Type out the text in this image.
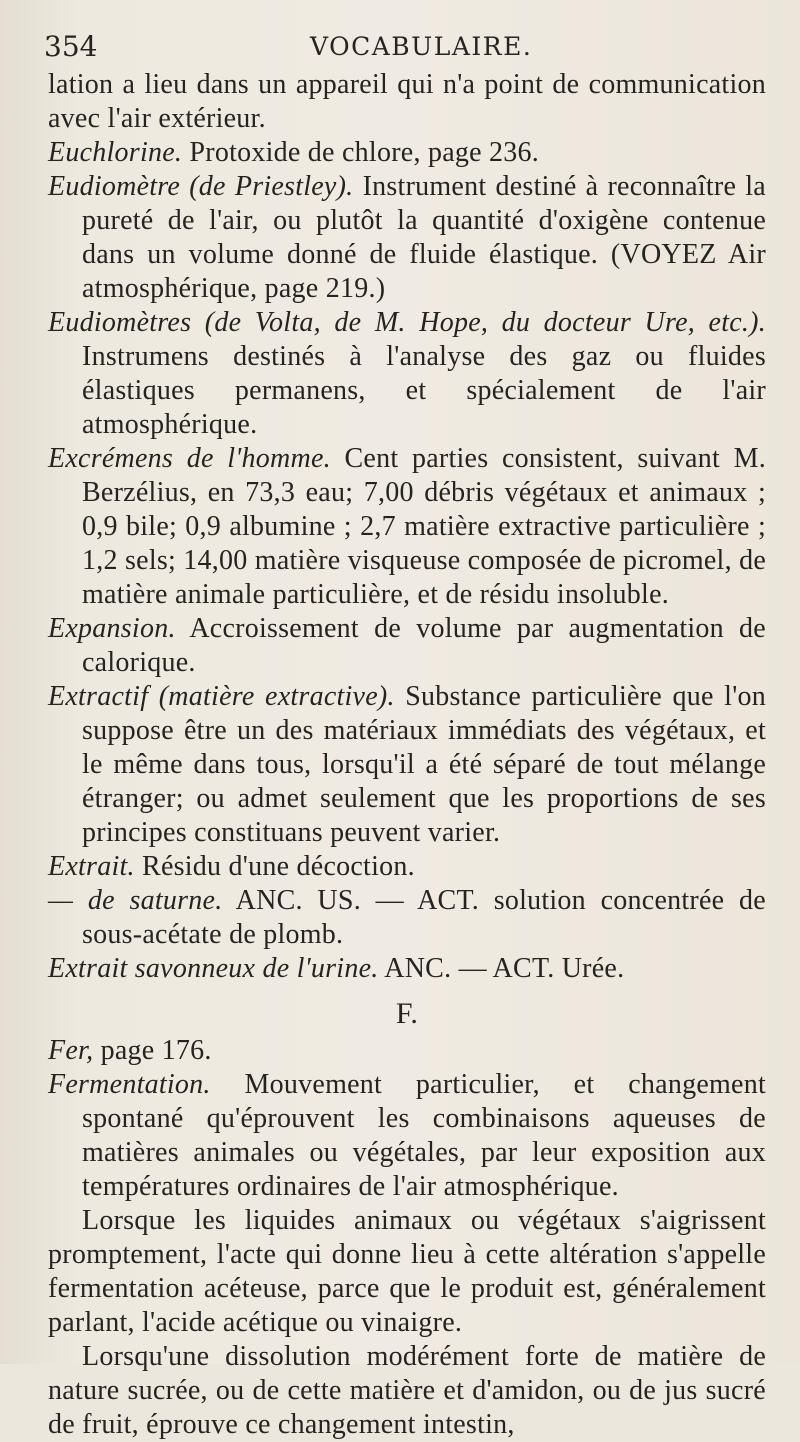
354	VOCABULAIRE.

lation a lieu dans un appareil qui n'a point de communication avec l'air extérieur.

Euchlorine. Protoxide de chlore, page 236.

Eudiomètre (de Priestley). Instrument destiné à reconnaître la pureté de l'air, ou plutôt la quantité d'oxigène contenue dans un volume donné de fluide élastique. (VOYEZ Air atmosphérique, page 219.)

Eudiomètres (de Volta, de M. Hope, du docteur Ure, etc.). Instrumens destinés à l'analyse des gaz ou fluides élastiques permanens, et spécialement de l'air atmosphérique.

Excrémens de l'homme. Cent parties consistent, suivant M. Berzélius, en 73,3 eau; 7,00 débris végétaux et animaux ; 0,9 bile; 0,9 albumine ; 2,7 matière extractive particulière ; 1,2 sels; 14,00 matière visqueuse composée de picromel, de matière animale particulière, et de résidu insoluble.

Expansion. Accroissement de volume par augmentation de calorique.

Extractif (matière extractive). Substance particulière que l'on suppose être un des matériaux immédiats des végétaux, et le même dans tous, lorsqu'il a été séparé de tout mélange étranger; ou admet seulement que les proportions de ses principes constituans peuvent varier.

Extrait. Résidu d'une décoction.

— de saturne. ANC. US. — ACT. solution concentrée de sous-acétate de plomb.

Extrait savonneux de l'urine. ANC. — ACT. Urée.

F.

Fer, page 176.

Fermentation. Mouvement particulier, et changement spontané qu'éprouvent les combinaisons aqueuses de matières animales ou végétales, par leur exposition aux températures ordinaires de l'air atmosphérique.

Lorsque les liquides animaux ou végétaux s'aigrissent promptement, l'acte qui donne lieu à cette altération s'appelle fermentation acéteuse, parce que le produit est, généralement parlant, l'acide acétique ou vinaigre.

Lorsqu'une dissolution modérément forte de matière de nature sucrée, ou de cette matière et d'amidon, ou de jus sucré de fruit, éprouve ce changement intestin,
